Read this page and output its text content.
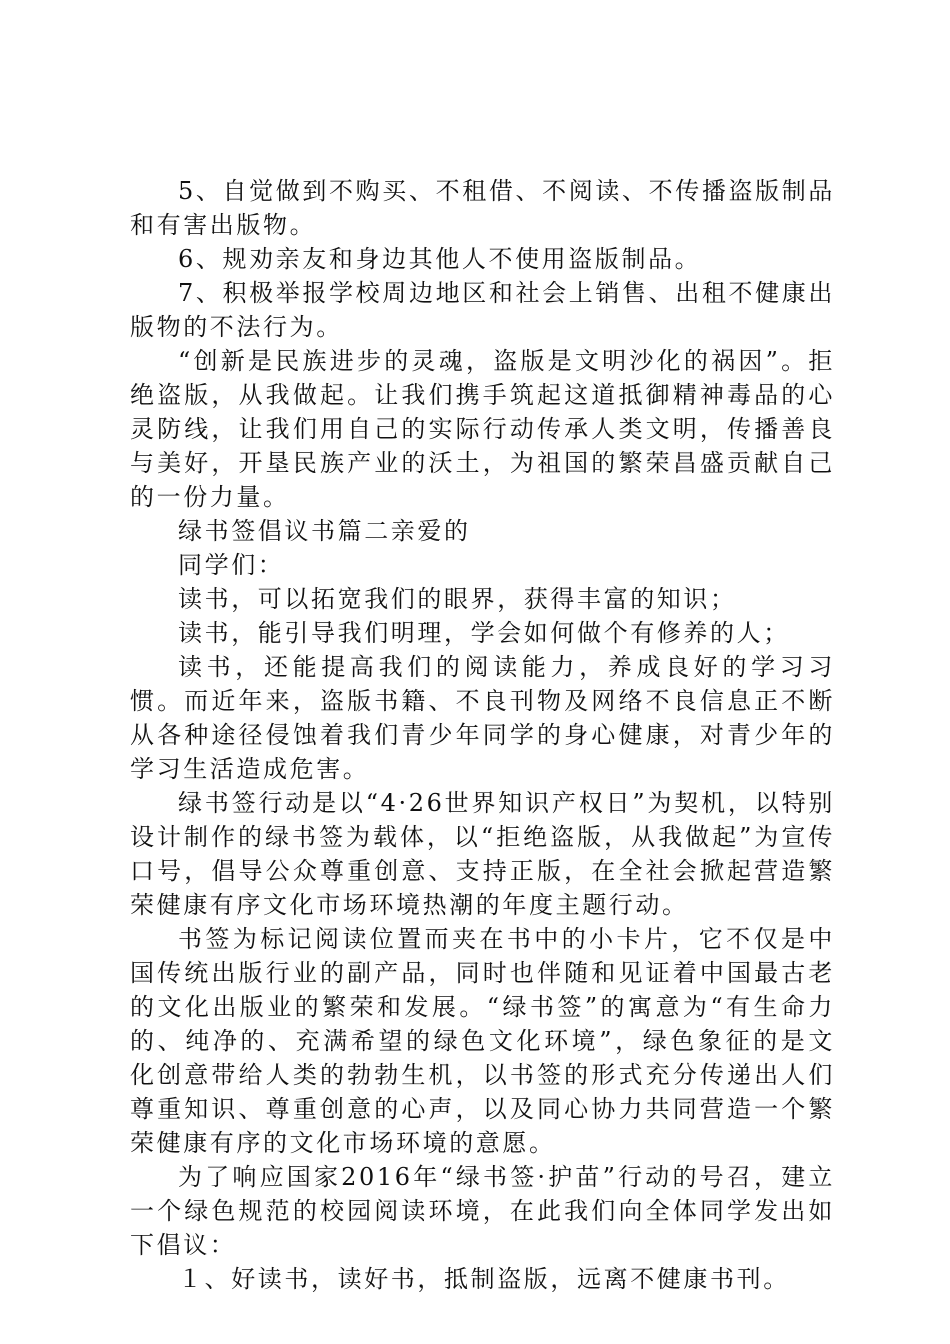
5、自觉做到不购买、不租借、不阅读、不传播盗版制品和有害出版物。

6、规劝亲友和身边其他人不使用盗版制品。

7、积极举报学校周边地区和社会上销售、出租不健康出版物的不法行为。

“创新是民族进步的灵魂，盗版是文明沙化的祸因”。拒绝盗版，从我做起。让我们携手筑起这道抵御精神毒品的心灵防线，让我们用自己的实际行动传承人类文明，传播善良与美好，开垦民族产业的沃土，为祖国的繁荣昌盛贡献自己的一份力量。

绿书签倡议书篇二亲爱的

同学们：

读书，可以拓宽我们的眼界，获得丰富的知识；

读书，能引导我们明理，学会如何做个有修养的人；

读书，还能提高我们的阅读能力，养成良好的学习习惯。而近年来，盗版书籍、不良刊物及网络不良信息正不断从各种途径侵蚀着我们青少年同学的身心健康，对青少年的学习生活造成危害。

绿书签行动是以“4·26世界知识产权日”为契机，以特别设计制作的绿书签为载体，以“拒绝盗版，从我做起”为宣传口号，倡导公众尊重创意、支持正版，在全社会掀起营造繁荣健康有序文化市场环境热潮的年度主题行动。

书签为标记阅读位置而夹在书中的小卡片，它不仅是中国传统出版行业的副产品，同时也伴随和见证着中国最古老的文化出版业的繁荣和发展。“绿书签”的寓意为“有生命力的、纯净的、充满希望的绿色文化环境”，绿色象征的是文化创意带给人类的勃勃生机，以书签的形式充分传递出人们尊重知识、尊重创意的心声，以及同心协力共同营造一个繁荣健康有序的文化市场环境的意愿。

为了响应国家2016年“绿书签·护苗”行动的号召，建立一个绿色规范的校园阅读环境，在此我们向全体同学发出如下倡议：

１、好读书，读好书，抵制盗版，远离不健康书刊。
